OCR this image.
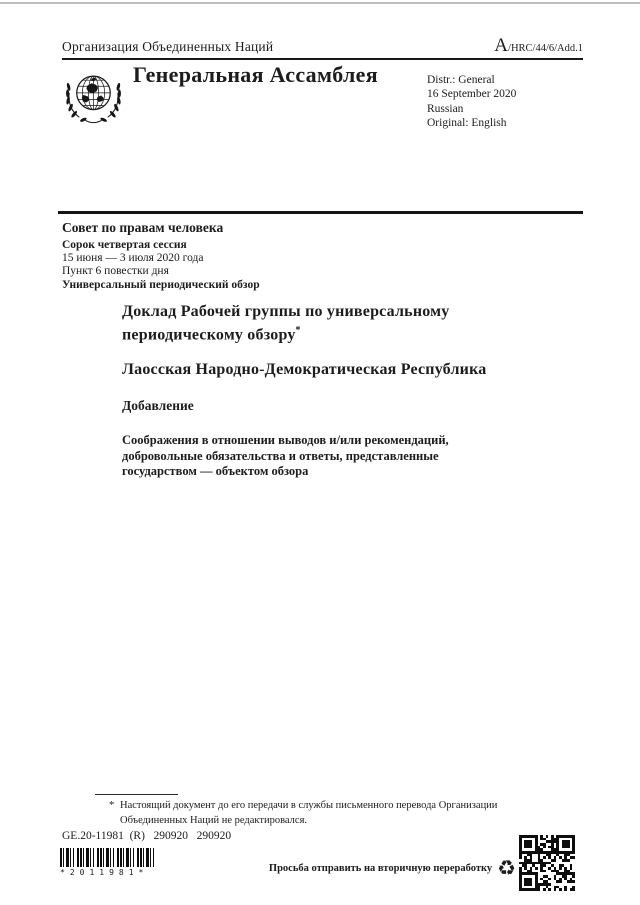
Организация Объединенных Наций	A/HRC/44/6/Add.1
Генеральная Ассамблея	Distr.: General
16 September 2020
Russian
Original: English
Совет по правам человека
Сорок четвертая сессия
15 июня — 3 июля 2020 года
Пункт 6 повестки дня
Универсальный периодический обзор
Доклад Рабочей группы по универсальному периодическому обзору*
Лаосская Народно-Демократическая Республика
Добавление

Соображения в отношении выводов и/или рекомендаций, добровольные обязательства и ответы, представленные государством — объектом обзора

* Настоящий документ до его передачи в службы письменного перевода Организации Объединенных Наций не редактировался.
GE.20-11981  (R)   290920   290920
*2011981*	Просьба отправить на вторичную переработку ♻
